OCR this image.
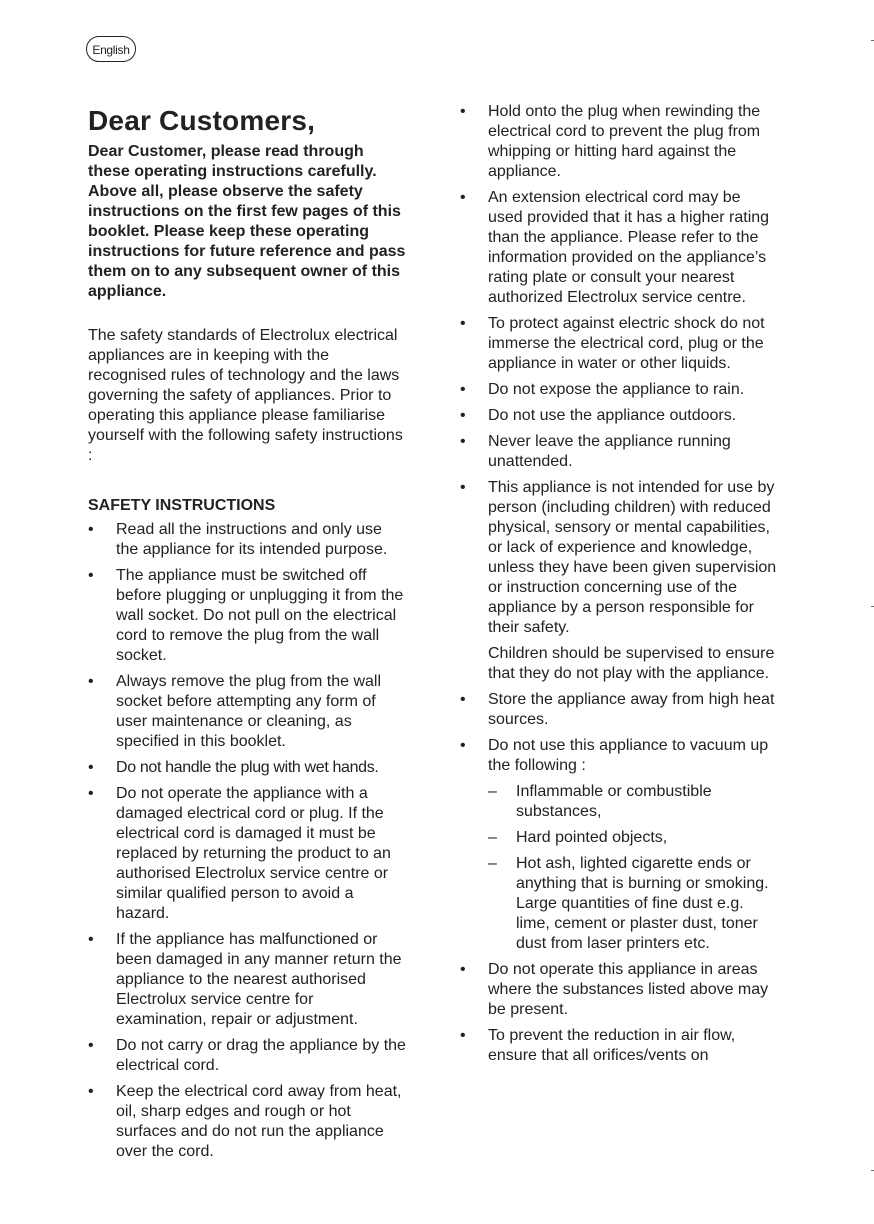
English
Dear Customers,

Dear Customer, please read through these operating instructions carefully. Above all, please observe the safety instructions on the first few pages of this booklet. Please keep these operating instructions for future reference and pass them on to any subsequent owner of this appliance.

The safety standards of Electrolux electrical appliances are in keeping with the recognised rules of technology and the laws governing the safety of appliances. Prior to operating this appliance please familiarise yourself with the following safety instructions :

SAFETY INSTRUCTIONS
• Read all the instructions and only use the appliance for its intended purpose.
• The appliance must be switched off before plugging or unplugging it from the wall socket. Do not pull on the electrical cord to remove the plug from the wall socket.
• Always remove the plug from the wall socket before attempting any form of user maintenance or cleaning, as specified in this booklet.
• Do not handle the plug with wet hands.
• Do not operate the appliance with a damaged electrical cord or plug. If the electrical cord is damaged it must be replaced by returning the product to an authorised Electrolux service centre or similar qualified person to avoid a hazard.
• If the appliance has malfunctioned or been damaged in any manner return the appliance to the nearest authorised Electrolux service centre for examination, repair or adjustment.
• Do not carry or drag the appliance by the electrical cord.
• Keep the electrical cord away from heat, oil, sharp edges and rough or hot surfaces and do not run the appliance over the cord.
• Hold onto the plug when rewinding the electrical cord to prevent the plug from whipping or hitting hard against the appliance.
• An extension electrical cord may be used provided that it has a higher rating than the appliance. Please refer to the information provided on the appliance’s rating plate or consult your nearest authorized Electrolux service centre.
• To protect against electric shock do not immerse the electrical cord, plug or the appliance in water or other liquids.
• Do not expose the appliance to rain.
• Do not use the appliance outdoors.
• Never leave the appliance running unattended.
• This appliance is not intended for use by person (including children) with reduced physical, sensory or mental capabilities, or lack of experience and knowledge, unless they have been given supervision or instruction concerning use of the appliance by a person responsible for their safety.
Children should be supervised to ensure that they do not play with the appliance.
• Store the appliance away from high heat sources.
• Do not use this appliance to vacuum up the following :
– Inflammable or combustible substances,
– Hard pointed objects,
– Hot ash, lighted cigarette ends or anything that is burning or smoking. Large quantities of fine dust e.g. lime, cement or plaster dust, toner dust from laser printers etc.
• Do not operate this appliance in areas where the substances listed above may be present.
• To prevent the reduction in air flow, ensure that all orifices/vents on
